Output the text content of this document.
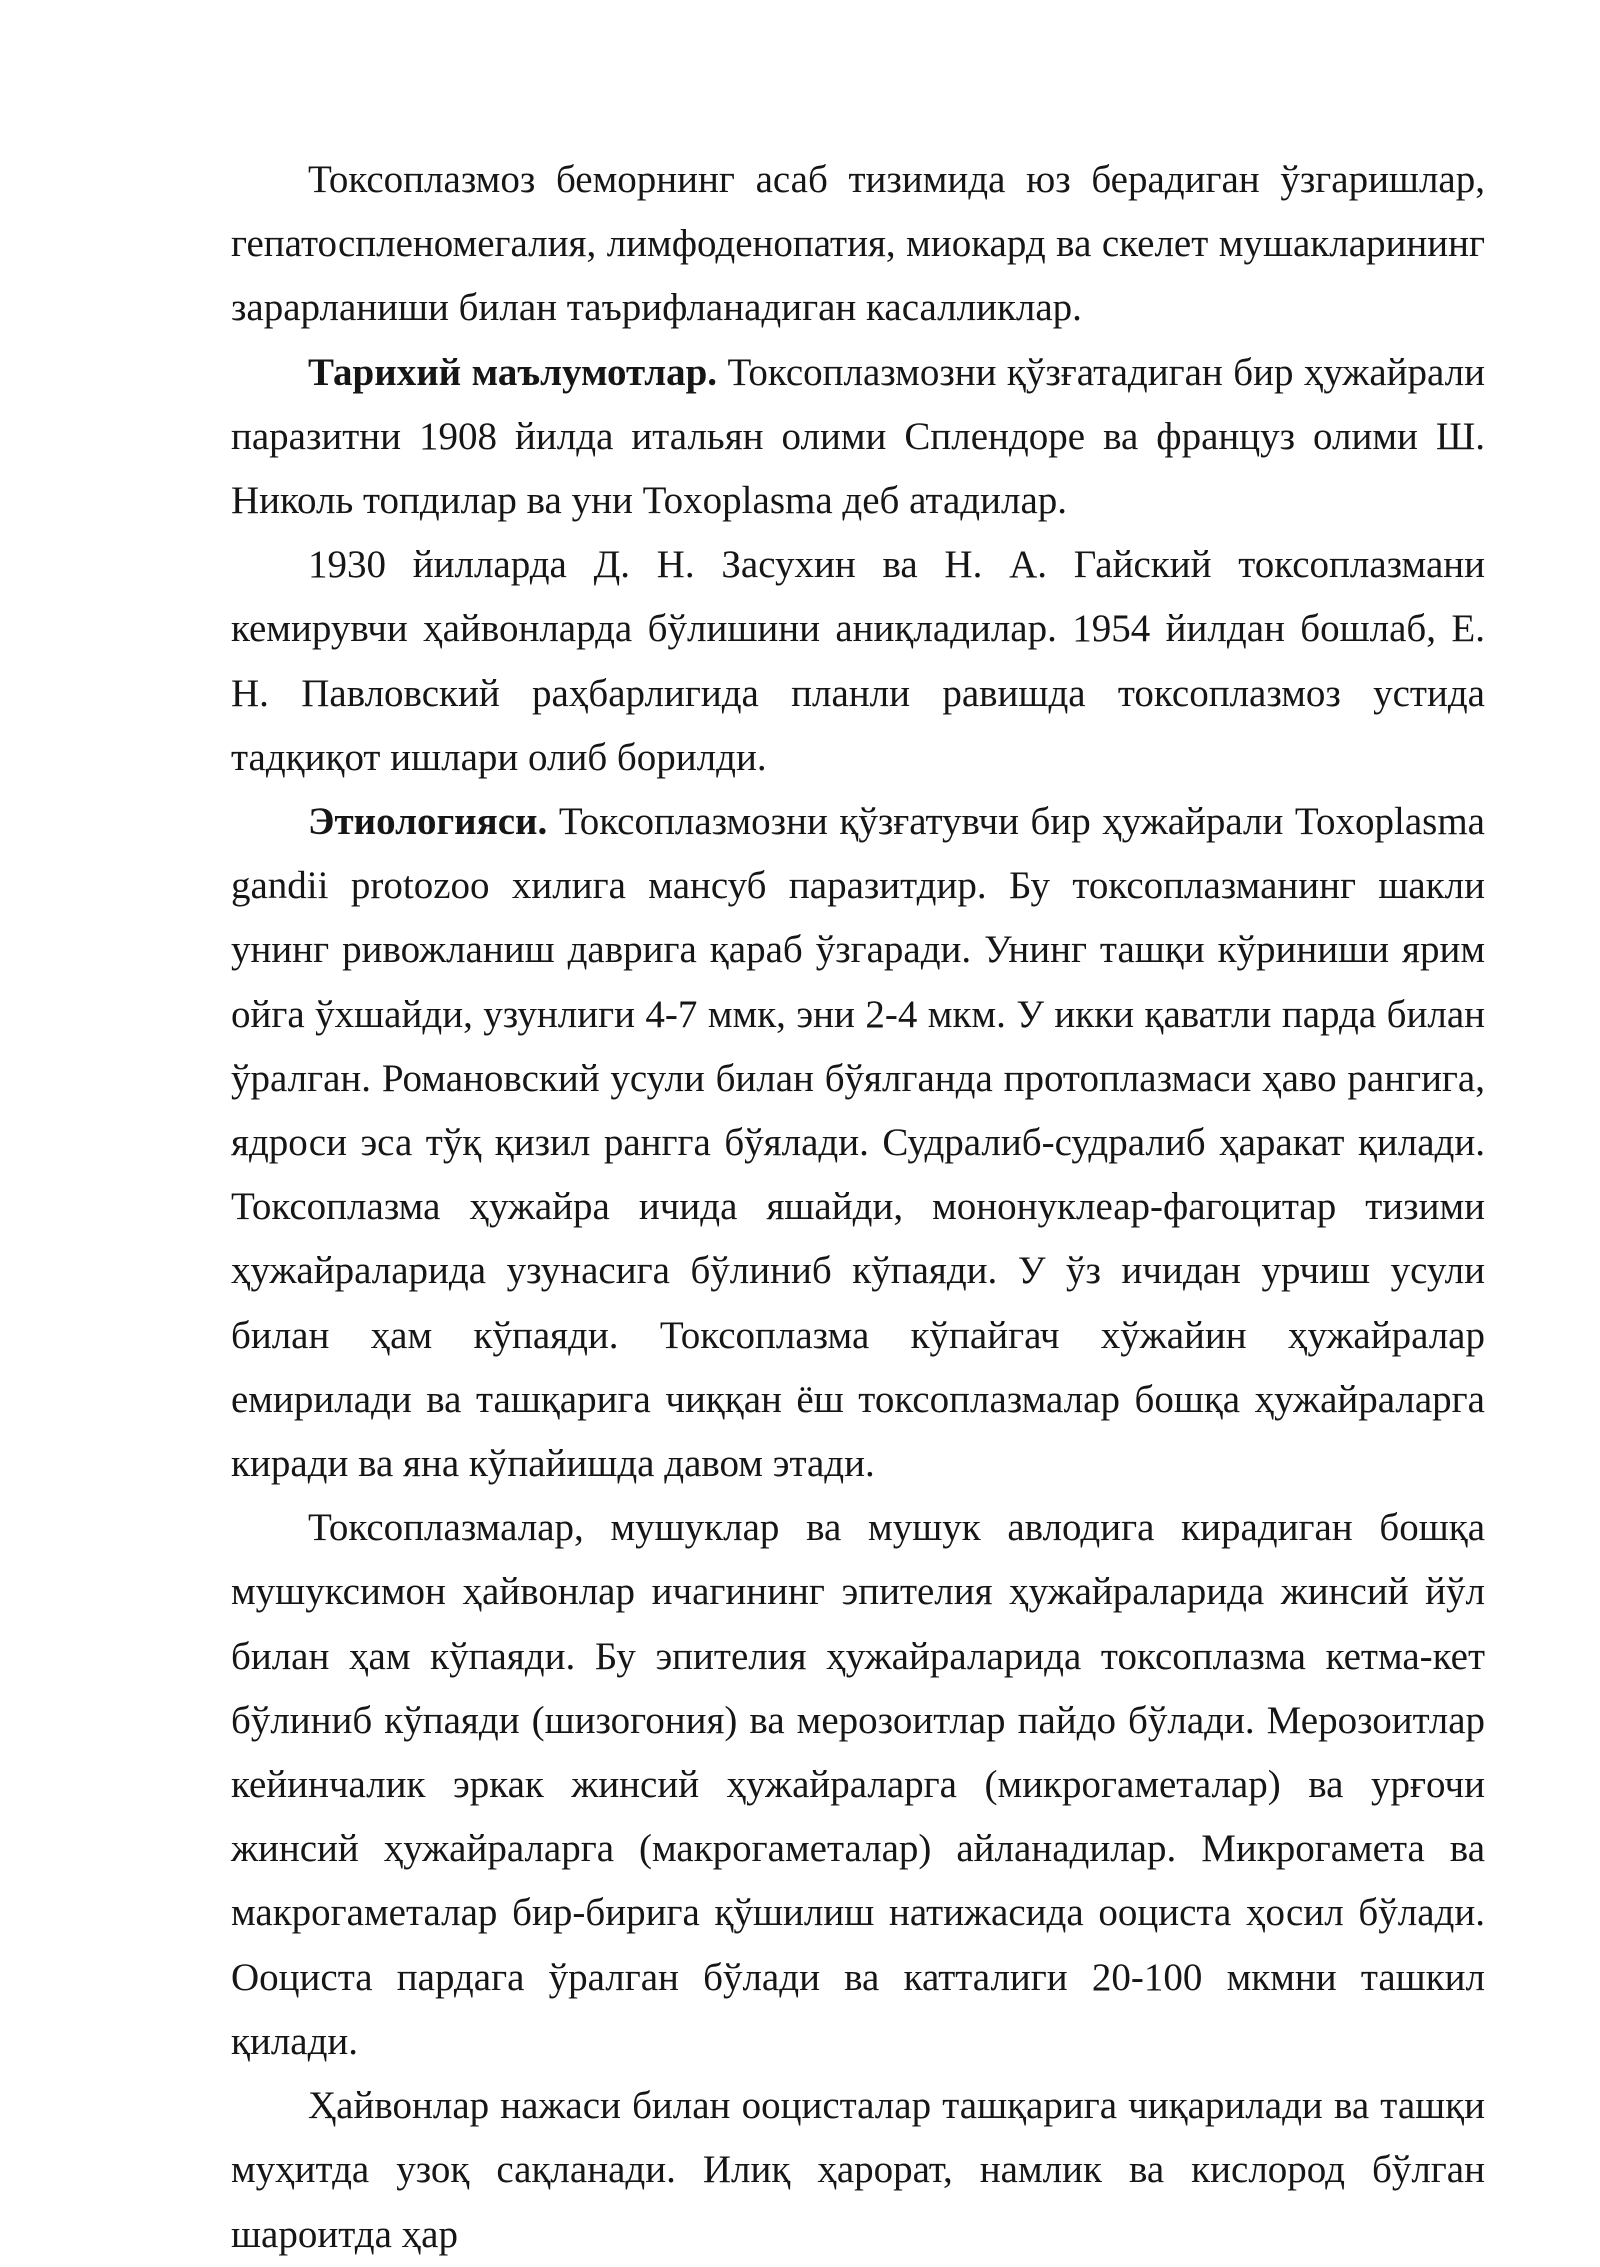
Токсоплазмоз беморнинг асаб тизимида юз берадиган ўзгаришлар, гепатоспленомегалия, лимфоденопатия, миокард ва скелет мушакларининг зарарланиши билан таърифланадиган касалликлар.

Тарихий маълумотлар. Токсоплазмозни қўзғатадиган бир ҳужайрали паразитни 1908 йилда итальян олими Сплендоре ва француз олими Ш. Николь топдилар ва уни Toxoplasma деб атадилар.

1930 йилларда Д. Н. Засухин ва Н. А. Гайский токсоплазмани кемирувчи ҳайвонларда бўлишини аниқладилар. 1954 йилдан бошлаб, Е. Н. Павловский раҳбарлигида планли равишда токсоплазмоз устида тадқиқот ишлари олиб борилди.

Этиологияси. Токсоплазмозни қўзғатувчи бир ҳужайрали Toxoplasma gandii protozoo хилига мансуб паразитдир. Бу токсоплазманинг шакли унинг ривожланиш даврига қараб ўзгаради. Унинг ташқи кўриниши ярим ойга ўхшайди, узунлиги 4-7 ммк, эни 2-4 мкм. У икки қаватли парда билан ўралган. Романовский усули билан бўялганда протоплазмаси ҳаво рангига, ядроси эса тўқ қизил рангга бўялади. Судралиб-судралиб ҳаракат қилади. Токсоплазма ҳужайра ичида яшайди, мононуклеар-фагоцитар тизими ҳужайраларида узунасига бўлиниб кўпаяди. У ўз ичидан урчиш усули билан ҳам кўпаяди. Токсоплазма кўпайгач хўжайин ҳужайралар емирилади ва ташқарига чиққан ёш токсоплазмалар бошқа ҳужайраларга киради ва яна кўпайишда давом этади.

Токсоплазмалар, мушуклар ва мушук авлодига кирадиган бошқа мушуксимон ҳайвонлар ичагининг эпителия ҳужайраларида жинсий йўл билан ҳам кўпаяди. Бу эпителия ҳужайраларида токсоплазма кетма-кет бўлиниб кўпаяди (шизогония) ва мерозоитлар пайдо бўлади. Мерозоитлар кейинчалик эркак жинсий ҳужайраларга (микрогаметалар) ва урғочи жинсий ҳужайраларга (макрогаметалар) айланадилар. Микрогамета ва макрогаметалар бир-бирига қўшилиш натижасида ооциста ҳосил бўлади. Ооциста пардага ўралган бўлади ва катталиги 20-100 мкмни ташкил қилади.

Ҳайвонлар нажаси билан ооцисталар ташқарига чиқарилади ва ташқи муҳитда узоқ сақланади. Илиқ ҳарорат, намлик ва кислород бўлган шароитда ҳар
